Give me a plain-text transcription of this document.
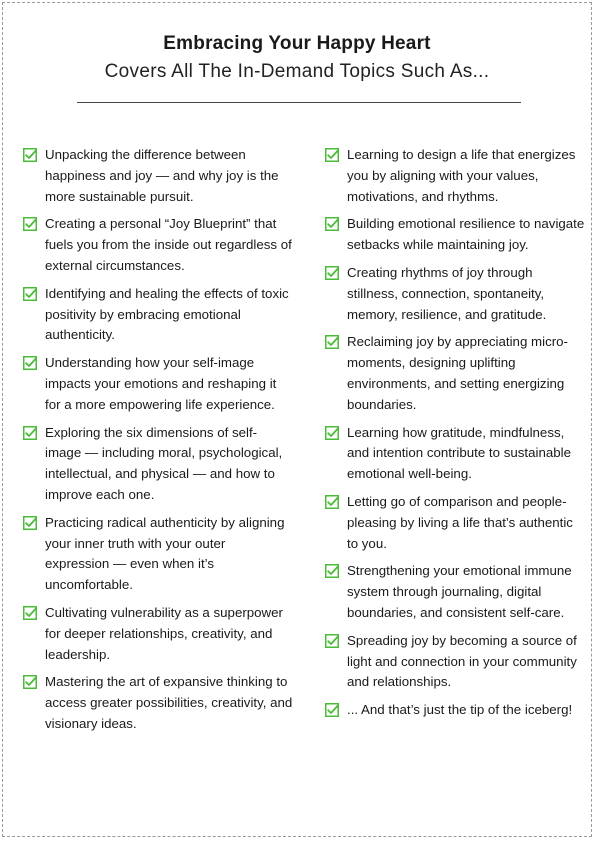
Embracing Your Happy Heart
Covers All The In-Demand Topics Such As...
Unpacking the difference between happiness and joy — and why joy is the more sustainable pursuit.
Creating a personal “Joy Blueprint” that fuels you from the inside out regardless of external circumstances.
Identifying and healing the effects of toxic positivity by embracing emotional authenticity.
Understanding how your self-image impacts your emotions and reshaping it for a more empowering life experience.
Exploring the six dimensions of self-image — including moral, psychological, intellectual, and physical — and how to improve each one.
Practicing radical authenticity by aligning your inner truth with your outer expression — even when it’s uncomfortable.
Cultivating vulnerability as a superpower for deeper relationships, creativity, and leadership.
Mastering the art of expansive thinking to access greater possibilities, creativity, and visionary ideas.
Learning to design a life that energizes you by aligning with your values, motivations, and rhythms.
Building emotional resilience to navigate setbacks while maintaining joy.
Creating rhythms of joy through stillness, connection, spontaneity, memory, resilience, and gratitude.
Reclaiming joy by appreciating micro-moments, designing uplifting environments, and setting energizing boundaries.
Learning how gratitude, mindfulness, and intention contribute to sustainable emotional well-being.
Letting go of comparison and people-pleasing by living a life that’s authentic to you.
Strengthening your emotional immune system through journaling, digital boundaries, and consistent self-care.
Spreading joy by becoming a source of light and connection in your community and relationships.
... And that’s just the tip of the iceberg!
